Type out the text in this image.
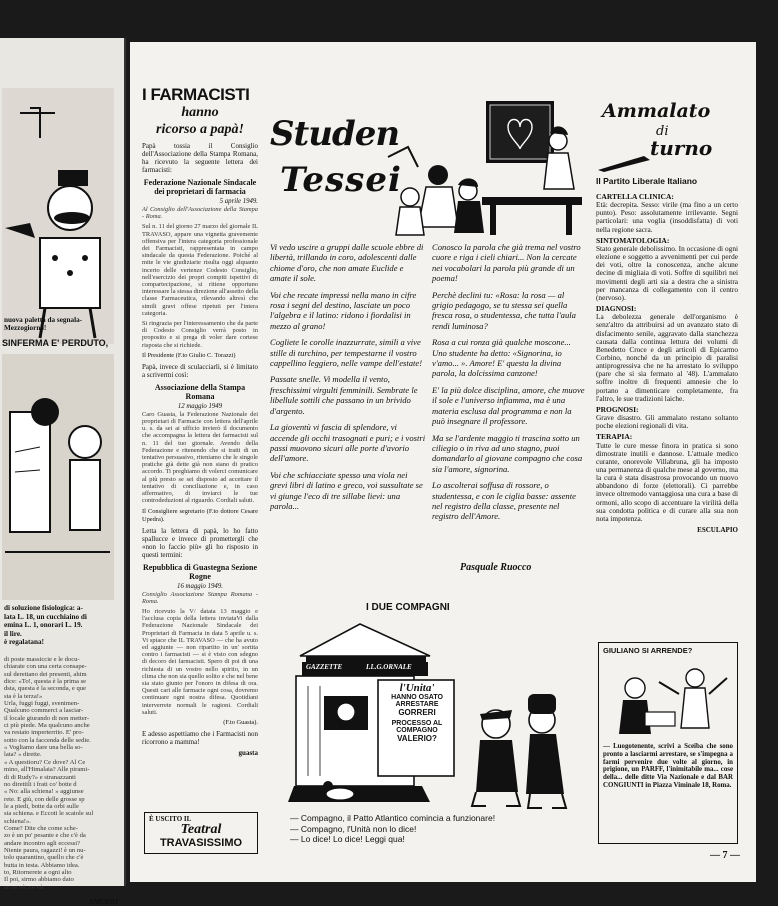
nuova paletta da segnala-
Mezzogiorno!
SINFERMA E' PERDUTO,
di soluzione fisiologica: a-
lata L. 18, un cucchiaino di
emina L. 1, onorari L. 19.
il lire.
è regalatana!
di poste massiccie e le docu-
chiarate con una certa consape-
sul derettano dei presenti, ahim
dice: «To!, questa è la prima se
dsta, questa è la seconda, e que
sta è la terza!»
Urla, fuggi fuggi, svenimen-
Qualcuno commerci a lasciar-
il locale giurando di non metter-
ci più piede. Ma qualcuno anche
va restato imperterrito. E' pro-
sotto con la faccenda delle sedie.
« Vogliamo dare una bella so-
lata? » dirette.
« A questioru? Ce dove? Al Ce
mino, all'Himalaia? Alle pirami-
di di Rudy?» e stranazzanti
no direttili i frati co' botte d
« No: alla schiena! » aggiunse
rete. E giù, con delle grosse sp
le a piedi, botte da orbi sulle
sia schiena. e Eccoti le scatole sul
schiena!».
Come? Dite che come sche-
zo è un po' pesante e che c'è da
andare incontro agli eccessi?
Niente paura, ragazzi! è un nu-
tolo quarantino, quello che c'è
butta in testa. Abbiamo idea.
to, Ritornerete a ogni alto
Il poi, sirmo abbiamo dato
ce ce vò, ce vò.
AMURRI
I FARMACISTI
hanno
ricorso a papà!

Papà tossia il Consiglio dell'Associazione della Stampa Romana, ha ricevuto la seguente lettera dei farmacisti:

Federazione Nazionale Sindacale dei proprietari di farmacia
5 aprile 1949.

Al Consiglio dell'Associazione della Stampa - Roma.

Sul n. 11 del giorno 27 marzo del giornale IL TRAVASO, appare una vignetta gravemente offensiva per l'intera categoria professionale dei Farmacisti, rappresentata in campo sindacale da questa Federazione. Poiché al mite le vie giudiziarie risulta oggi alquanto incerto delle vertenze Codesto Consiglio, nell'esercizio dei propri compiti ispettivi di compartecipazione, si ritiene opportuno interessare la stessa direzione all'assetto della classe Farmaceutica, rilevando altresì che simili gravi offese ripetuti per l'intera categoria.

Si ringrazia per l'interessamento che da parte di Codesto Consiglio verrà posto in proposito e si prega di voler dare cortese risposta che si richiede.

Il Presidente (F.to Giulio C. Torazzi)

Papà, invece di sculacciarli, si è limitato a scrivermi così:

Associazione della Stampa Romana
12 maggio 1949

Caro Guasta, la Federazione Nazionale dei proprietari di Farmacie con lettera dell'aprile u. s. da sei ai ufficio invierò il documento che accompagna la lettera dei farmacisti sul n. 11 del tuo giornale. Avendo della Federazione e ritenendo che si tratti di un tentativo persuasivo, riteniamo che le singole pratiche già dette già non siano di pratico accordo. Ti preghiamo di volerci comunicare al più presto se sei disposto ad accettare il tentativo di conciliazione e, in caso affermativo, di inviarci le tue controdeduzioni al riguardo. Cordiali saluti.

Il Consigliere segretario (F.to dottore Cesare Upedra).

Letta la lettera di papà, lo ho fatto spallucce e invece di promettergli che «non lo faccio più» gli ho risposto in questi termini:

Repubblica di Guastegna Sezione Rogne
16 maggio 1949.

Consiglio Associazione Stampa Romana - Roma.

Ho ricevuto la V/ datata 13 maggio e l'acclusa copia della lettera inviataVi dalla Federazione Nazionale Sindacale dei Proprietari di Farmacia in data 5 aprile u. s. Vi spiace che IL TRAVASO — che ha avuto ed aggiunte — non ripartito in un' sortita contro i farmacisti — si è visto con sdegno di decoro dei farmacisti. Spero di poi di una richiesta di un vostro nello spirito, in un clima che non sia quello solito e che nel bene sia stato giunto per l'onoro in difesa di ora. Questi cari alle farmacie ogni cosa, dovremo continuare ogni nostra difesa. Quotidiani interverrete normali le ragioni. Cordiali saluti.

(F.to Guasta).

E adesso aspettiamo che i Farmacisti non ricorrono a mamma!

guasta
È USCITO IL
Teatral
TRAVASISSIMO
Studen
Tessei

Vi vedo uscire a gruppi dalle scuole ebbre di libertà, trillando in coro, adolescenti dalle chiome d'oro, che non amate Euclide e amate il sole.

Voi che recate impressi nella mano in cifre rosa i segni del destino, lasciate un poco l'algebra e il latino: ridono i fiordalisi in mezzo al grano!

Cogliete le corolle inazzurrate, simili a vive stille di turchino, per tempestarne il vostro cappellino leggiero, nelle vampe dell'estate!

Passate snelle. Vi modella il vento, freschissimi virgulti femminili. Sembrate le libellule sottili che passano in un brivido d'argento.

La gioventù vi fascia di splendore, vi accende gli occhi trasognati e puri; e i vostri passi muovono sicuri alle porte d'avorio dell'amore.

Voi che schiacciate spesso una viola nei grevi libri di latino e greco, voi sussultate se vi giunge l'eco di tre sillabe lievi: una parola...

Conosco la parola che già trema nel vostro cuore e riga i cieli chiari... Non la cercate nei vocabolari la parola più grande di un poema!

Perchè declini tu: «Rosa: la rosa — al grigio pedagogo, se tu stessa sei quella fresca rosa, o studentessa, che tutta l'aula rendi luminosa?

Rosa a cui ronza già qualche moscone... Uno studente ha detto: «Signorina, io v'amo... ». Amore! E' questa la divina parola, la dolcissima canzone!

E' la più dolce disciplina, amore, che muove il sole e l'universo infiamma, ma è una materia esclusa dal programma e non la può insegnare il professore.

Ma se l'ardente maggio ti trascina sotto un ciliegio o in riva ad uno stagno, puoi domandarlo al giovane compagno che cosa sia l'amore, signorina.

Lo ascolterai soffusa di rossore, o studentessa, e con le ciglia basse: assente nel registro della classe, presente nel registro dell'Amore.

Pasquale Ruocco
I DUE COMPAGNI
GAZZETTE	I.L.G.ORNALE
l'Unita'
HANNO OSATO
ARRESTARE
GORRERI
PROCESSO AL
COMPAGNO
VALERIO?
— Compagno, il Patto Atlantico comincia a funzionare!
— Compagno, l'Unità non lo dice!
— Lo dice! Lo dice! Leggi qua!
Ammalato
di
turno
Il Partito Liberale Italiano
CARTELLA CLINICA:

Età: decrepita. Sesso: virile (ma fino a un certo punto). Peso: assolutamente irrilevante. Segni particolari: una voglia (insoddisfatta) di voti nella regione sacra.

SINTOMATOLOGIA:

Stato generale debolissimo. In occasione di ogni elezione e soggetto a avvenimenti per cui perde dei voti, oltre la conoscenza, anche alcune decine di migliaia di voti. Soffre di squilibri nei movimenti degli arti sia a destra che a sinistra per mancanza di collegamento con il centro (nervoso).

DIAGNOSI:

La debolezza generale dell'organismo è senz'altro da attribuirsi ad un avanzato stato di disfacimento senile, aggravato dalla stanchezza causata dalla continua lettura dei volumi di Benedetto Croce e degli articoli di Epicarmo Corbino, nonché da un principio di paralisi antiprogressiva che ne ha arrestato lo sviluppo (pare che si sia fermato al '48). L'ammalato soffre inoltre di frequenti amnesie che lo portano a dimenticare completamente, fra l'altro, le sue tradizioni laiche.

PROGNOSI:

Grave disastro. Gli ammalato restano soltanto poche elezioni regionali di vita.

TERAPIA:

Tutte le cure messe finora in pratica si sono dimostrate inutili e dannose. L'attuale medico curante, onorevole Villabruna, gli ha imposto una permanenza di qualche mese al governo, ma la cura è stata disastrosa provocando un nuovo abbandono di forze (elettorali). Ci parrebbe invece oltremodo vantaggiosa una cura a base di ormoni, allo scopo di accentuare la virilità della sua condotta politica e di curare alla sua non nota impotenza.

ESCULAPIO
GIULIANO SI ARRENDE?
— Luogotenente, scrivi a Sceiba che sono pronto a lasciarmi arrestare, se s'impegna a farmi pervenire due volte al giorno, in prigione, un PARFF, l'inimitabile ma... cose della... delle ditte Via Nazionale e dal BAR CONGIUNTI in Piazza Viminale 18, Roma.
— 7 —
